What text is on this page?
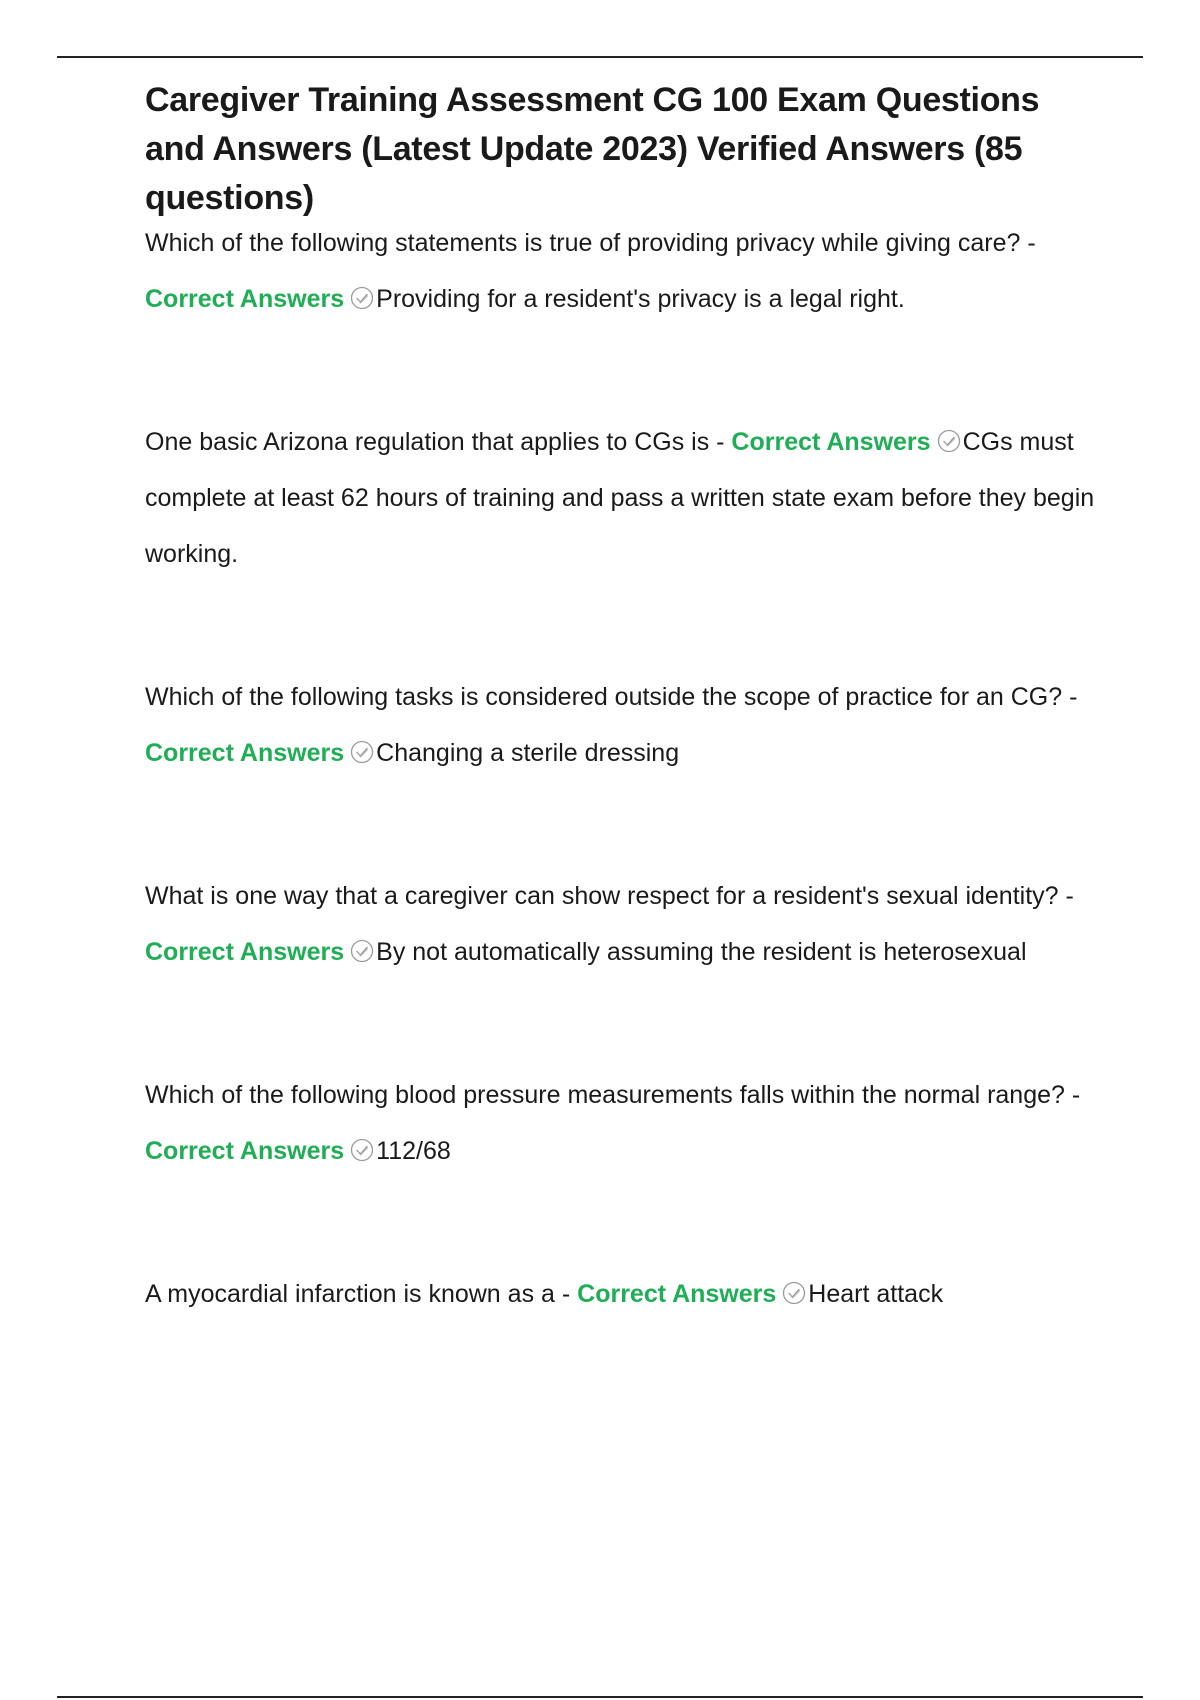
Caregiver Training Assessment CG 100 Exam Questions and Answers (Latest Update 2023) Verified Answers (85 questions)

Which of the following statements is true of providing privacy while giving care? - Correct Answers Providing for a resident's privacy is a legal right.

One basic Arizona regulation that applies to CGs is - Correct Answers CGs must complete at least 62 hours of training and pass a written state exam before they begin working.

Which of the following tasks is considered outside the scope of practice for an CG? - Correct Answers Changing a sterile dressing

What is one way that a caregiver can show respect for a resident's sexual identity? - Correct Answers By not automatically assuming the resident is heterosexual

Which of the following blood pressure measurements falls within the normal range? - Correct Answers 112/68

A myocardial infarction is known as a - Correct Answers Heart attack
